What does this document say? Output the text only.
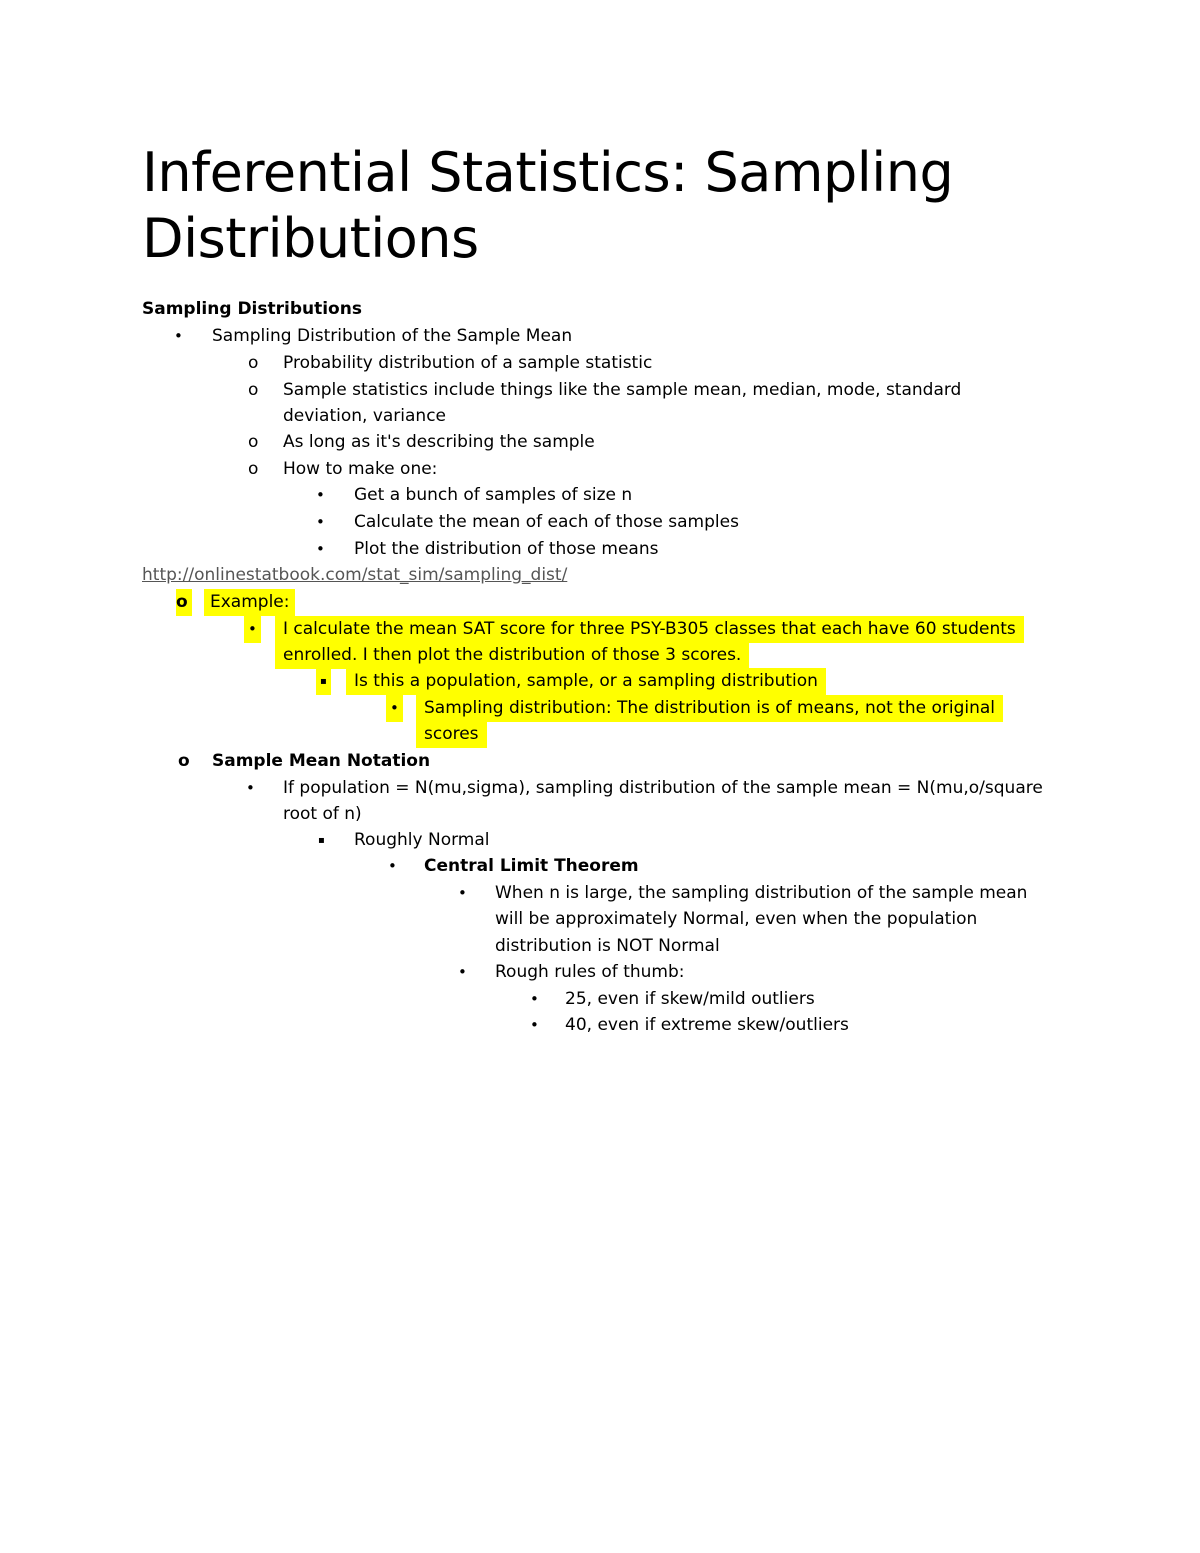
Inferential Statistics: Sampling Distributions
Sampling Distributions
• Sampling Distribution of the Sample Mean
o Probability distribution of a sample statistic
o Sample statistics include things like the sample mean, median, mode, standard
deviation, variance
o As long as it's describing the sample
o How to make one:
• Get a bunch of samples of size n
• Calculate the mean of each of those samples
• Plot the distribution of those means
http://onlinestatbook.com/stat_sim/sampling_dist/
o	Example:
•	I calculate the mean SAT score for three PSY-B305 classes that each have 60 students
enrolled. I then plot the distribution of those 3 scores.
▪	Is this a population, sample, or a sampling distribution
•	Sampling distribution: The distribution is of means, not the original
scores
o Sample Mean Notation
• If population = N(mu,sigma), sampling distribution of the sample mean = N(mu,o/square
root of n)
▪ Roughly Normal
• Central Limit Theorem
• When n is large, the sampling distribution of the sample mean
will be approximately Normal, even when the population
distribution is NOT Normal
• Rough rules of thumb:
• 25, even if skew/mild outliers
• 40, even if extreme skew/outliers
